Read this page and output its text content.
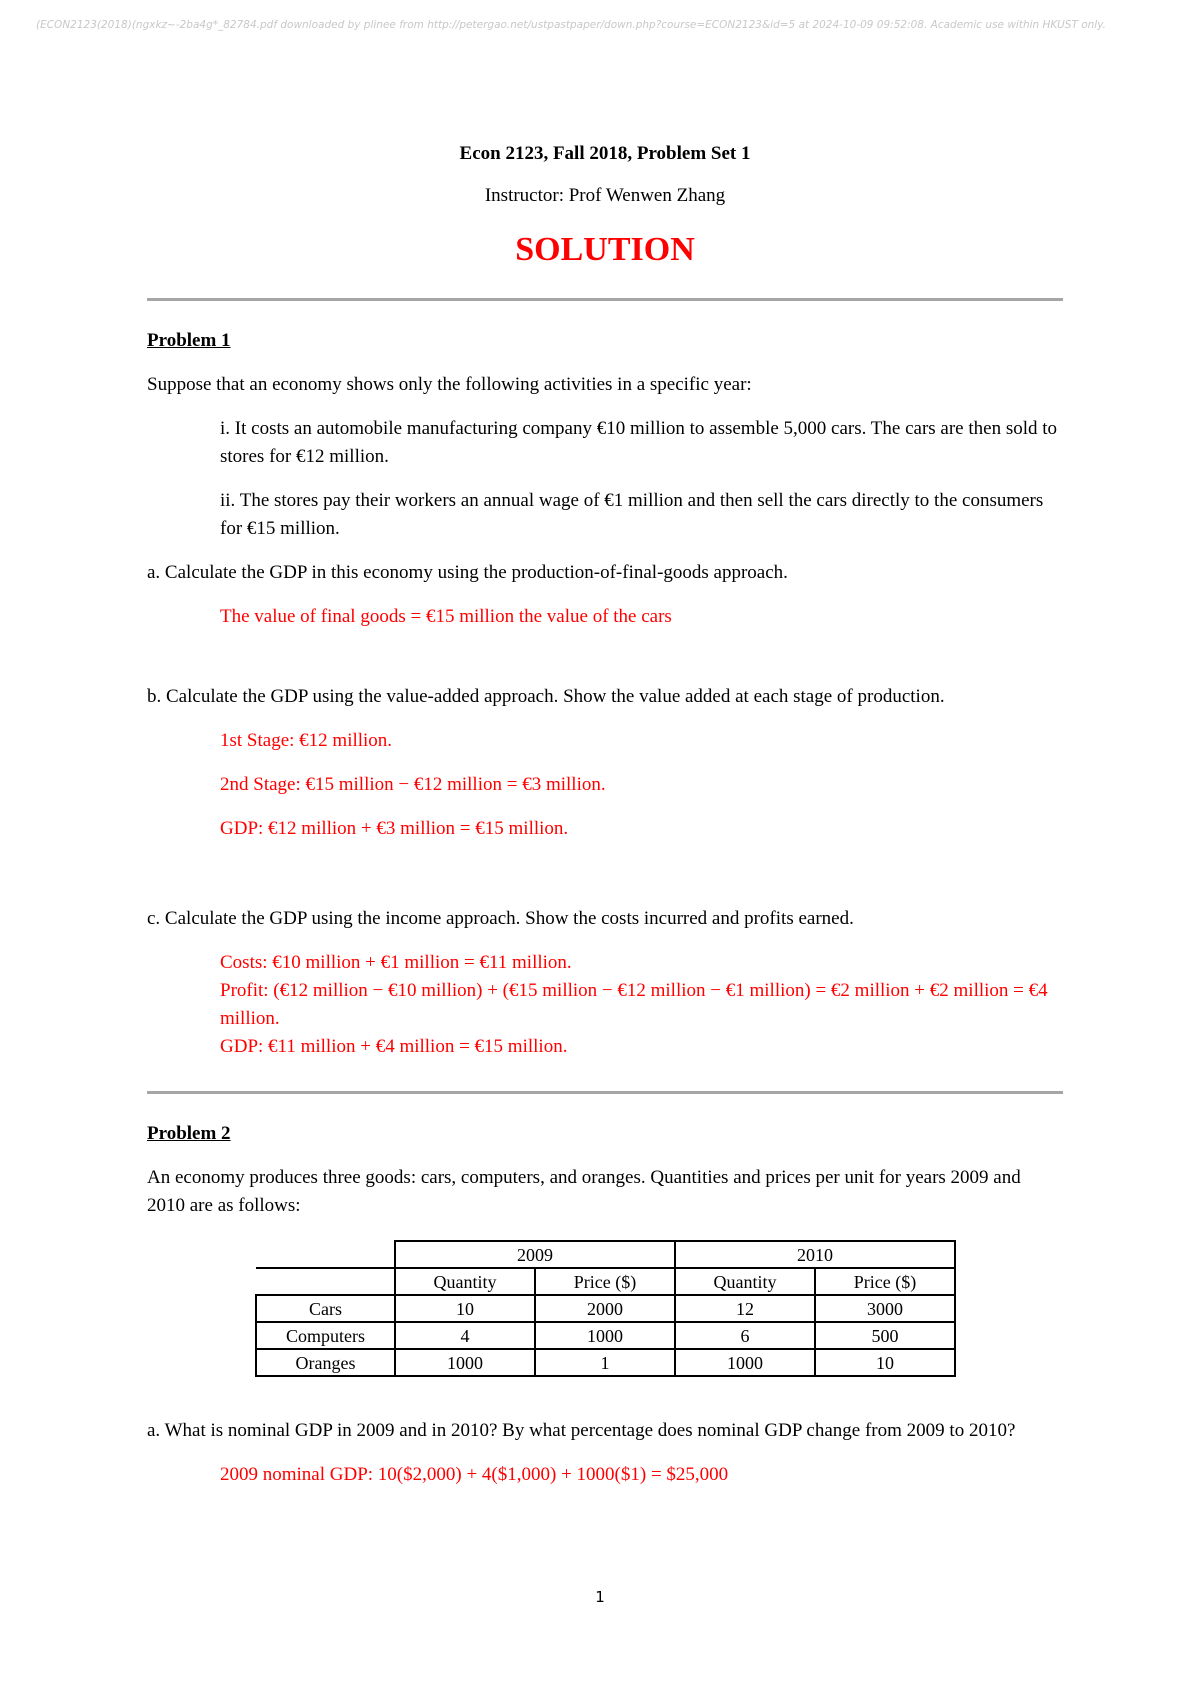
(ECON2123(2018)(ngxkz~-2ba4g*_82784.pdf downloaded by plinee from http://petergao.net/ustpastpaper/down.php?course=ECON2123&id=5 at 2024-10-09 09:52:08. Academic use within HKUST only.

Econ 2123, Fall 2018, Problem Set 1

Instructor: Prof Wenwen Zhang

SOLUTION

Problem 1

Suppose that an economy shows only the following activities in a specific year:

i. It costs an automobile manufacturing company €10 million to assemble 5,000 cars. The cars are then sold to stores for €12 million.

ii. The stores pay their workers an annual wage of €1 million and then sell the cars directly to the consumers for €15 million.

a. Calculate the GDP in this economy using the production-of-final-goods approach.

The value of final goods = €15 million the value of the cars

b. Calculate the GDP using the value-added approach. Show the value added at each stage of production.

1st Stage: €12 million.

2nd Stage: €15 million − €12 million = €3 million.

GDP: €12 million + €3 million = €15 million.

c. Calculate the GDP using the income approach. Show the costs incurred and profits earned.

Costs: €10 million + €1 million = €11 million.

Profit: (€12 million − €10 million) + (€15 million − €12 million − €1 million) = €2 million + €2 million = €4 million.

GDP: €11 million + €4 million = €15 million.

Problem 2

An economy produces three goods: cars, computers, and oranges. Quantities and prices per unit for years 2009 and 2010 are as follows:

	2009		2010	
	Quantity	Price ($)	Quantity	Price ($)
Cars	10	2000	12	3000
Computers	4	1000	6	500
Oranges	1000	1	1000	10

a. What is nominal GDP in 2009 and in 2010? By what percentage does nominal GDP change from 2009 to 2010?

2009 nominal GDP: 10($2,000) + 4($1,000) + 1000($1) = $25,000

1
